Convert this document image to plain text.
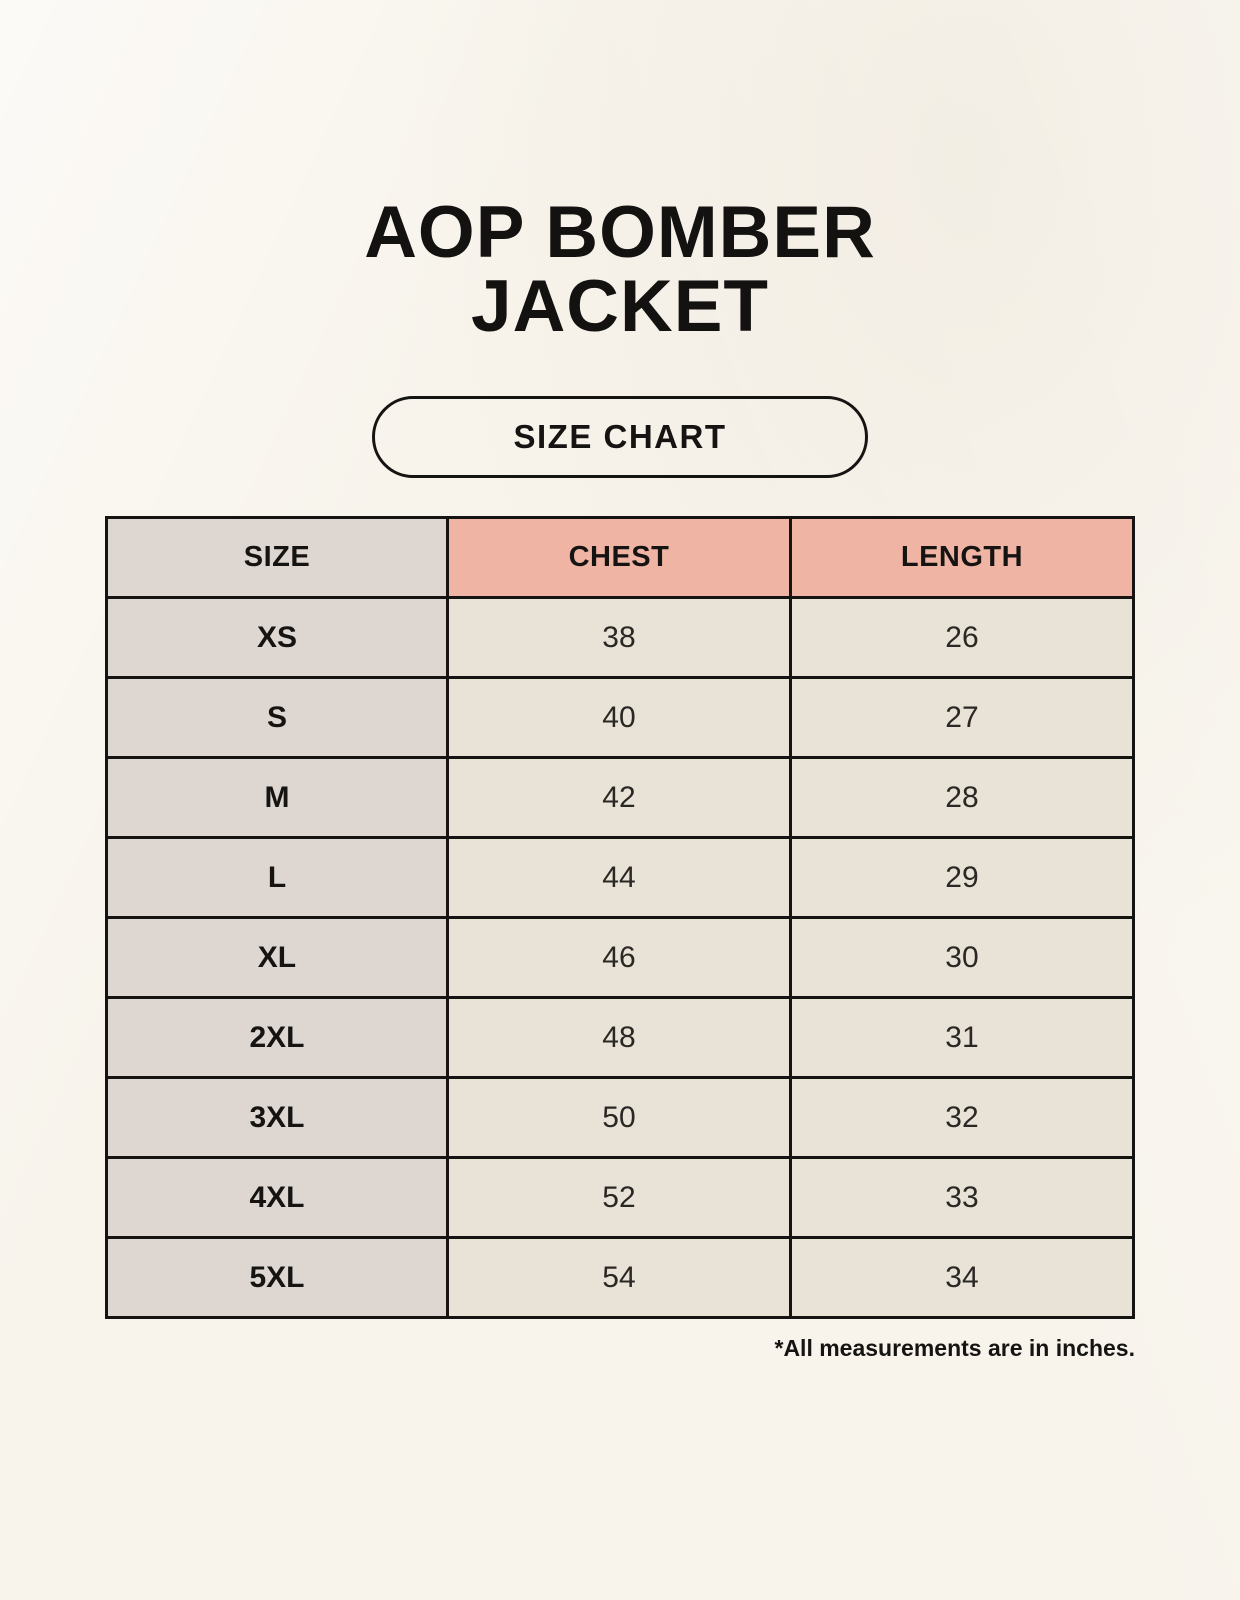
AOP BOMBER
JACKET
SIZE CHART
SIZE	CHEST	LENGTH
XS	38	26
S	40	27
M	42	28
L	44	29
XL	46	30
2XL	48	31
3XL	50	32
4XL	52	33
5XL	54	34

*All measurements are in inches.
